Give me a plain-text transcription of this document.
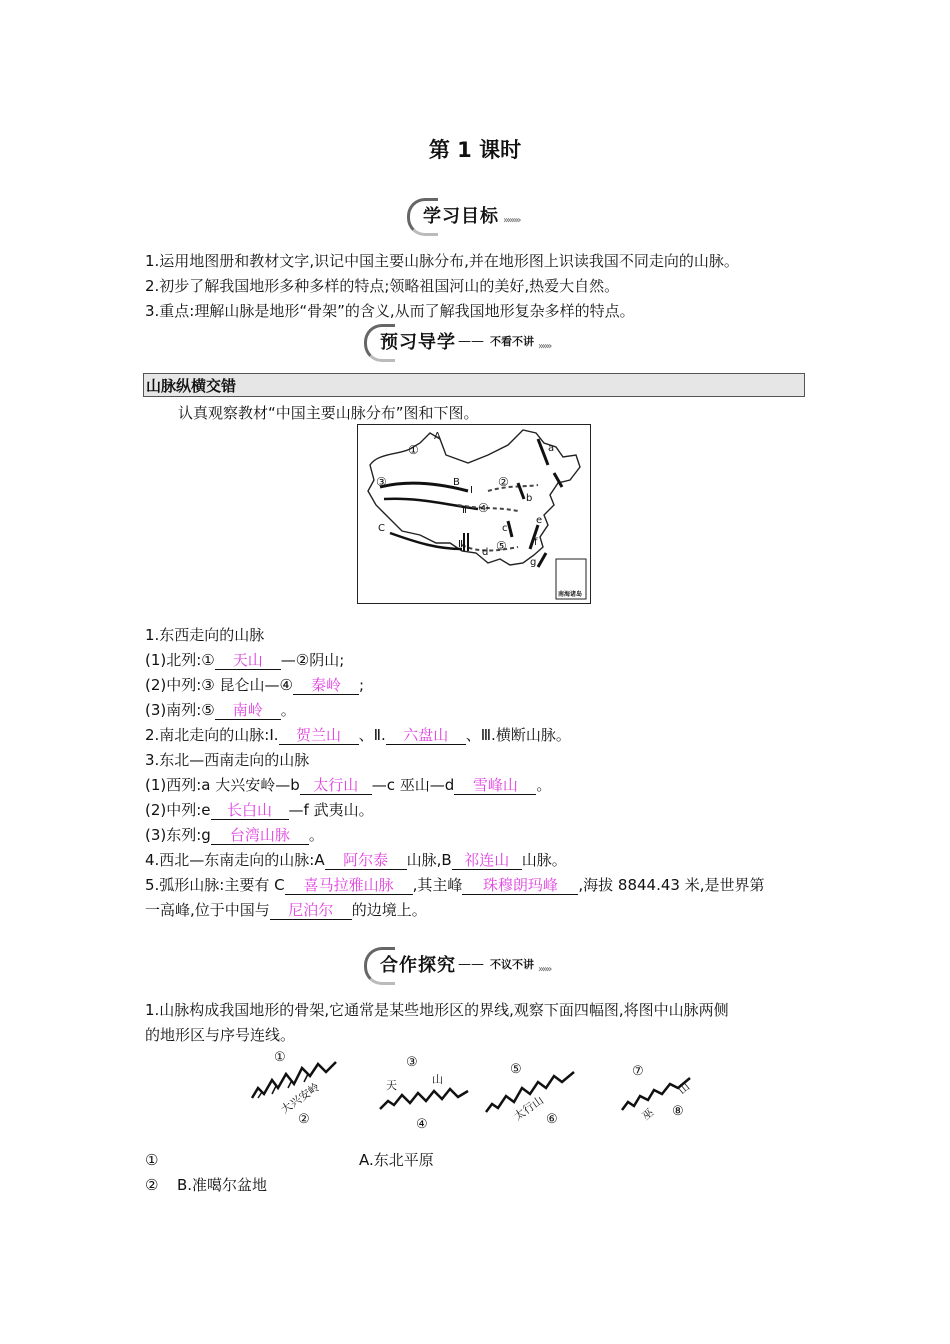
第 1 课时
学习目标 »»»»
1.运用地图册和教材文字,识记中国主要山脉分布,并在地形图上识读我国不同走向的山脉。
2.初步了解我国地形多种多样的特点;领略祖国河山的美好,热爱大自然。
3.重点:理解山脉是地形“骨架”的含义,从而了解我国地形复杂多样的特点。
预习导学 —— 不看不讲 »»»
山脉纵横交错
认真观察教材“中国主要山脉分布”图和下图。
A
①	a
③	B	②
b
Ⅰ
Ⅱ ④
C	c
e
Ⅲ
d ⑤	f
g
南海诸岛
1.东西走向的山脉
(1)北列:① 天山 —②阴山;
(2)中列:③ 昆仑山—④ 秦岭 ;
(3)南列:⑤ 南岭 。
2.南北走向的山脉:Ⅰ. 贺兰山 、Ⅱ. 六盘山 、Ⅲ.横断山脉。
3.东北—西南走向的山脉
(1)西列:a 大兴安岭—b 太行山 —c 巫山—d 雪峰山 。
(2)中列:e 长白山 —f 武夷山。
(3)东列:g 台湾山脉 。
4.西北—东南走向的山脉:A 阿尔泰 山脉,B 祁连山 山脉。
5.弧形山脉:主要有 C 喜马拉雅山脉 ,其主峰 珠穆朗玛峰 ,海拔 8844.43 米,是世界第
一高峰,位于中国与 尼泊尔 的边境上。
合作探究 —— 不议不讲 »»»
1.山脉构成我国地形的骨架,它通常是某些地形区的界线,观察下面四幅图,将图中山脉两侧
的地形区与序号连线。
①
大兴安岭
②
③
天	山
④
⑤
太行山 ⑥
⑦
巫
山
⑧
①	A.东北平原
② B.准噶尔盆地
